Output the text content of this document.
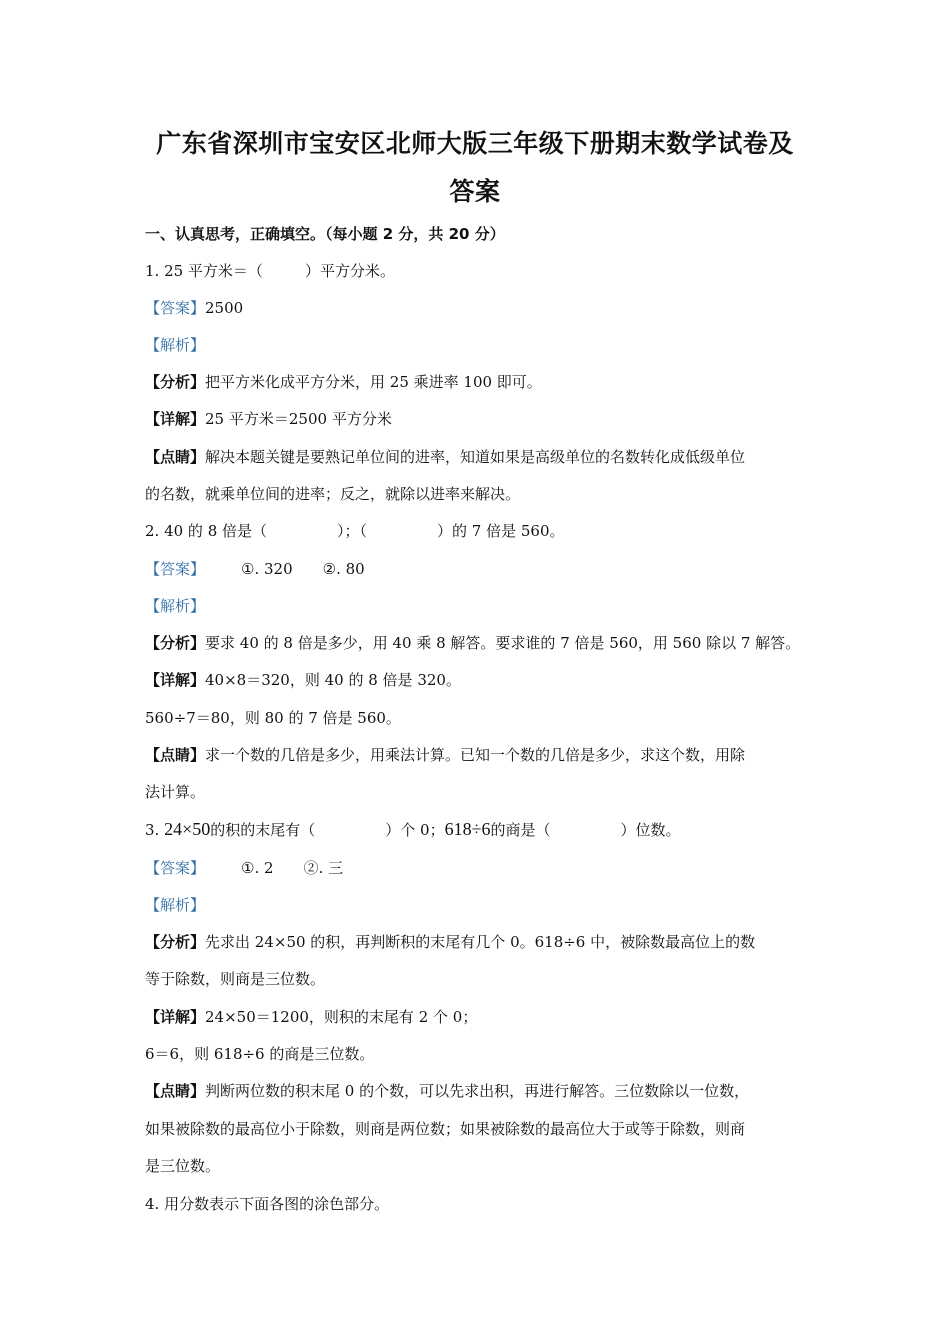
广东省深圳市宝安区北师大版三年级下册期末数学试卷及
答案
一、认真思考，正确填空。（每小题 2 分，共 20 分）
1. 25 平方米＝（	）平方分米。
【答案】2500
【解析】
【分析】把平方米化成平方分米，用 25 乘进率 100 即可。
【详解】25 平方米＝2500 平方分米
【点睛】解决本题关键是要熟记单位间的进率，知道如果是高级单位的名数转化成低级单位
的名数，就乘单位间的进率；反之，就除以进率来解决。
2. 40 的 8 倍是（	）；（	）的 7 倍是 560。
【答案】 ①. 320 ②. 80
【解析】
【分析】要求 40 的 8 倍是多少，用 40 乘 8 解答。要求谁的 7 倍是 560，用 560 除以 7 解答。
【详解】40×8＝320，则 40 的 8 倍是 320。
560÷7＝80，则 80 的 7 倍是 560。
【点睛】求一个数的几倍是多少，用乘法计算。已知一个数的几倍是多少，求这个数，用除
法计算。
3. 24×50的积的末尾有（	）个 0；618÷6的商是（	）位数。
【答案】 ①. 2 ②. 三
【解析】
【分析】先求出 24×50 的积，再判断积的末尾有几个 0。618÷6 中，被除数最高位上的数
等于除数，则商是三位数。
【详解】24×50＝1200，则积的末尾有 2 个 0；
6＝6，则 618÷6 的商是三位数。
【点睛】判断两位数的积末尾 0 的个数，可以先求出积，再进行解答。三位数除以一位数，
如果被除数的最高位小于除数，则商是两位数；如果被除数的最高位大于或等于除数，则商
是三位数。
4. 用分数表示下面各图的涂色部分。
